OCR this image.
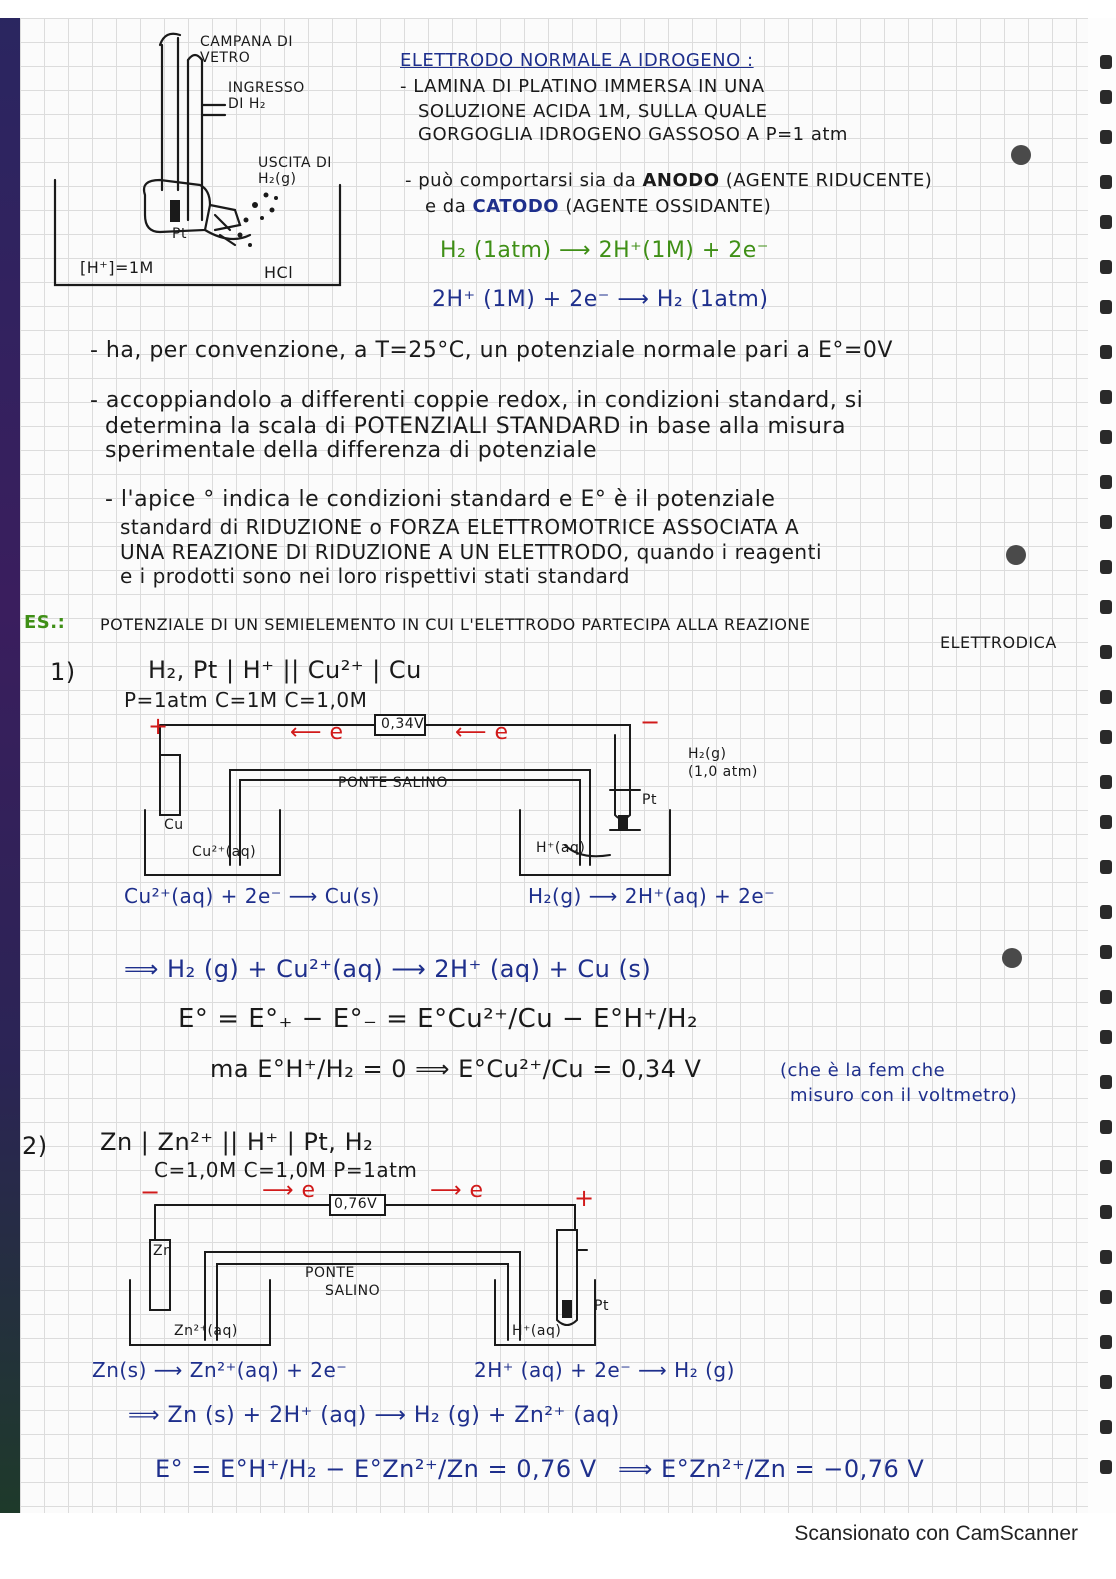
CAMPANA DI VETRO
INGRESSO DI H₂
USCITA DI H₂(g)
Pt
[H⁺]=1M	HCl
ELETTRODO NORMALE A IDROGENO :
- LAMINA DI PLATINO IMMERSA IN UNA
SOLUZIONE ACIDA 1M, SULLA QUALE
GORGOGLIA IDROGENO GASSOSO A P=1 atm
- può comportarsi sia da ANODO (AGENTE RIDUCENTE)
e da CATODO (AGENTE OSSIDANTE)
H₂ (1atm) ⟶ 2H⁺(1M) + 2e⁻
2H⁺ (1M) + 2e⁻ ⟶ H₂ (1atm)
- ha, per convenzione, a T=25°C, un potenziale normale pari a E°=0V
- accoppiandolo a differenti coppie redox, in condizioni standard, si
determina la scala di POTENZIALI STANDARD in base alla misura
sperimentale della differenza di potenziale
- l'apice ° indica le condizioni standard e E° è il potenziale
standard di RIDUZIONE o FORZA ELETTROMOTRICE ASSOCIATA A
UNA REAZIONE DI RIDUZIONE A UN ELETTRODO, quando i reagenti
e i prodotti sono nei loro rispettivi stati standard
ES.: POTENZIALE DI UN SEMIELEMENTO IN CUI L'ELETTRODO PARTECIPA ALLA REAZIONE
ELETTRODICA
1)	H₂, Pt | H⁺ || Cu²⁺ | Cu
P=1atm C=1M C=1,0M
0,34V
+	−
⟵ e	⟵ e
PONTE SALINO
H₂(g)
(1,0 atm)
Pt
Cu
Cu²⁺(aq)	H⁺(aq)
Cu²⁺(aq) + 2e⁻ ⟶ Cu(s)	H₂(g) ⟶ 2H⁺(aq) + 2e⁻
⟹ H₂ (g) + Cu²⁺(aq) ⟶ 2H⁺ (aq) + Cu (s)
E° = E°₊ − E°₋ = E°Cu²⁺/Cu − E°H⁺/H₂
ma E°H⁺/H₂ = 0 ⟹ E°Cu²⁺/Cu = 0,34 V	(che è la fem che
misuro con il voltmetro)
2) Zn | Zn²⁺ || H⁺ | Pt, H₂
C=1,0M C=1,0M P=1atm
0,76V
−	+
⟶ e	⟶ e
PONTE
SALINO
Zn
Zn²⁺(aq)	H⁺(aq)
Pt
Zn(s) ⟶ Zn²⁺(aq) + 2e⁻	2H⁺ (aq) + 2e⁻ ⟶ H₂ (g)
⟹ Zn (s) + 2H⁺ (aq) ⟶ H₂ (g) + Zn²⁺ (aq)
E° = E°H⁺/H₂ − E°Zn²⁺/Zn = 0,76 V ⟹ E°Zn²⁺/Zn = −0,76 V
Scansionato con CamScanner
